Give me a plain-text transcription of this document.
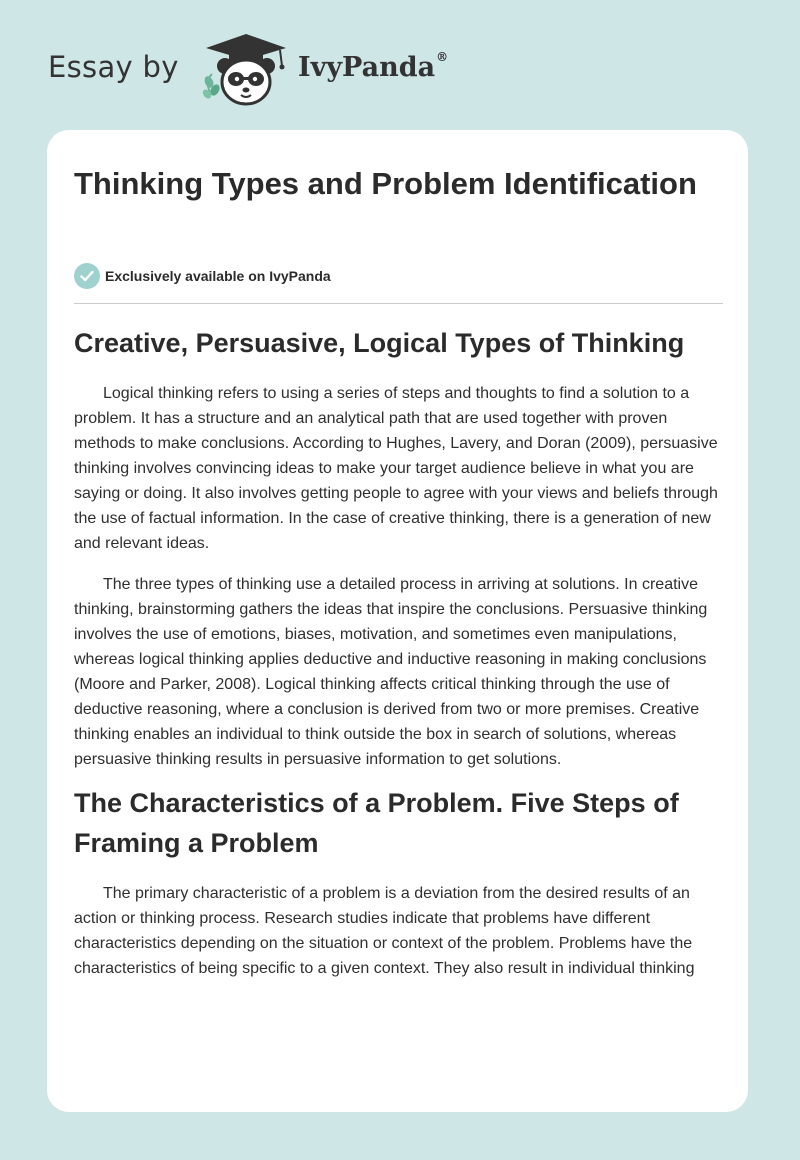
Essay by	IvyPanda®
Thinking Types and Problem Identification
Exclusively available on IvyPanda
Creative, Persuasive, Logical Types of Thinking

Logical thinking refers to using a series of steps and thoughts to find a solution to a problem. It has a structure and an analytical path that are used together with proven methods to make conclusions. According to Hughes, Lavery, and Doran (2009), persuasive thinking involves convincing ideas to make your target audience believe in what you are saying or doing. It also involves getting people to agree with your views and beliefs through the use of factual information. In the case of creative thinking, there is a generation of new and relevant ideas.

The three types of thinking use a detailed process in arriving at solutions. In creative thinking, brainstorming gathers the ideas that inspire the conclusions. Persuasive thinking involves the use of emotions, biases, motivation, and sometimes even manipulations, whereas logical thinking applies deductive and inductive reasoning in making conclusions (Moore and Parker, 2008). Logical thinking affects critical thinking through the use of deductive reasoning, where a conclusion is derived from two or more premises. Creative thinking enables an individual to think outside the box in search of solutions, whereas persuasive thinking results in persuasive information to get solutions.

The Characteristics of a Problem. Five Steps of Framing a Problem

The primary characteristic of a problem is a deviation from the desired results of an action or thinking process. Research studies indicate that problems have different characteristics depending on the situation or context of the problem. Problems have the characteristics of being specific to a given context. They also result in individual thinking
